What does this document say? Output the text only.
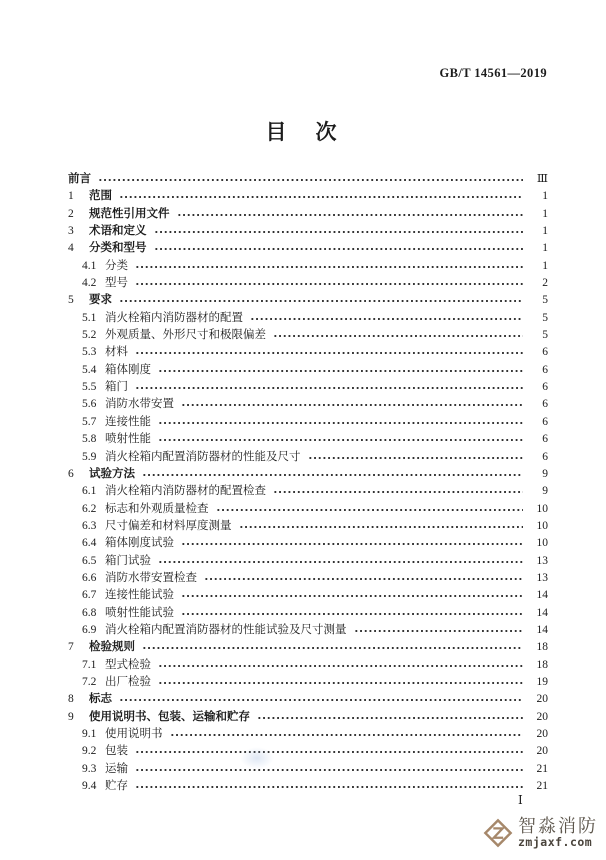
GB/T 14561—2019
目　次
前言	Ⅲ
1	范围	1
2	规范性引用文件	1
3	术语和定义	1
4	分类和型号	1
4.1 分类	1
4.2 型号	2
5	要求	5
5.1 消火栓箱内消防器材的配置	5
5.2 外观质量、外形尺寸和极限偏差	5
5.3 材料	6
5.4 箱体刚度	6
5.5 箱门	6
5.6 消防水带安置	6
5.7 连接性能	6
5.8 喷射性能	6
5.9 消火栓箱内配置消防器材的性能及尺寸	6
6	试验方法	9
6.1 消火栓箱内消防器材的配置检查	9
6.2 标志和外观质量检查	10
6.3 尺寸偏差和材料厚度测量	10
6.4 箱体刚度试验	10
6.5 箱门试验	13
6.6 消防水带安置检查	13
6.7 连接性能试验	14
6.8 喷射性能试验	14
6.9 消火栓箱内配置消防器材的性能试验及尺寸测量	14
7	检验规则	18
7.1 型式检验	18
7.2 出厂检验	19
8	标志	20
9	使用说明书、包装、运输和贮存	20
9.1 使用说明书	20
9.2 包装	20
9.3 运输	21
9.4 贮存	21
Ⅰ
智淼消防
zmjaxf.com
